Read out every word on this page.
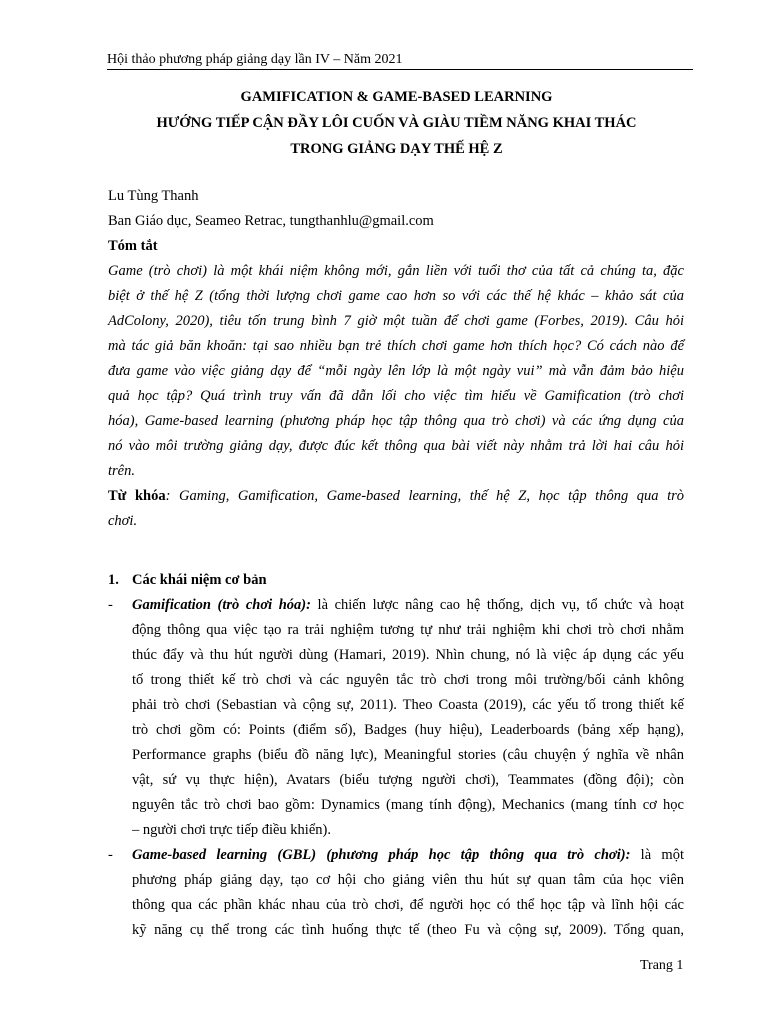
Hội thảo phương pháp giảng dạy lần IV – Năm 2021
GAMIFICATION & GAME-BASED LEARNING
HƯỚNG TIẾP CẬN ĐẦY LÔI CUỐN VÀ GIÀU TIỀM NĂNG KHAI THÁC
TRONG GIẢNG DẠY THẾ HỆ Z
Lu Tùng Thanh
Ban Giáo dục, Seameo Retrac, tungthanhlu@gmail.com
Tóm tắt
Game (trò chơi) là một khái niệm không mới, gắn liền với tuổi thơ của tất cả chúng ta, đặc
biệt ở thế hệ Z (tổng thời lượng chơi game cao hơn so với các thế hệ khác – khảo sát của
AdColony, 2020), tiêu tốn trung bình 7 giờ một tuần để chơi game (Forbes, 2019). Câu hỏi
mà tác giả băn khoăn: tại sao nhiều bạn trẻ thích chơi game hơn thích học? Có cách nào để
đưa game vào việc giảng dạy để “mỗi ngày lên lớp là một ngày vui” mà vẫn đảm bảo hiệu
quả học tập? Quá trình truy vấn đã dẫn lối cho việc tìm hiểu về Gamification (trò chơi
hóa), Game-based learning (phương pháp học tập thông qua trò chơi) và các ứng dụng của
nó vào môi trường giảng dạy, được đúc kết thông qua bài viết này nhằm trả lời hai câu hỏi
trên.
Từ khóa: Gaming, Gamification, Game-based learning, thế hệ Z, học tập thông qua trò
chơi.
1. Các khái niệm cơ bản
- Gamification (trò chơi hóa): là chiến lược nâng cao hệ thống, dịch vụ, tổ chức và hoạt
động thông qua việc tạo ra trải nghiệm tương tự như trải nghiệm khi chơi trò chơi nhằm
thúc đẩy và thu hút người dùng (Hamari, 2019). Nhìn chung, nó là việc áp dụng các yếu
tố trong thiết kế trò chơi và các nguyên tắc trò chơi trong môi trường/bối cảnh không
phải trò chơi (Sebastian và cộng sự, 2011). Theo Coasta (2019), các yếu tố trong thiết kế
trò chơi gồm có: Points (điểm số), Badges (huy hiệu), Leaderboards (bảng xếp hạng),
Performance graphs (biểu đồ năng lực), Meaningful stories (câu chuyện ý nghĩa về nhân
vật, sứ vụ thực hiện), Avatars (biểu tượng người chơi), Teammates (đồng đội); còn
nguyên tắc trò chơi bao gồm: Dynamics (mang tính động), Mechanics (mang tính cơ học
– người chơi trực tiếp điều khiển).
- Game-based learning (GBL) (phương pháp học tập thông qua trò chơi): là một
phương pháp giảng dạy, tạo cơ hội cho giảng viên thu hút sự quan tâm của học viên
thông qua các phần khác nhau của trò chơi, để người học có thể học tập và lĩnh hội các
kỹ năng cụ thể trong các tình huống thực tế (theo Fu và cộng sự, 2009). Tổng quan,
Trang 1
